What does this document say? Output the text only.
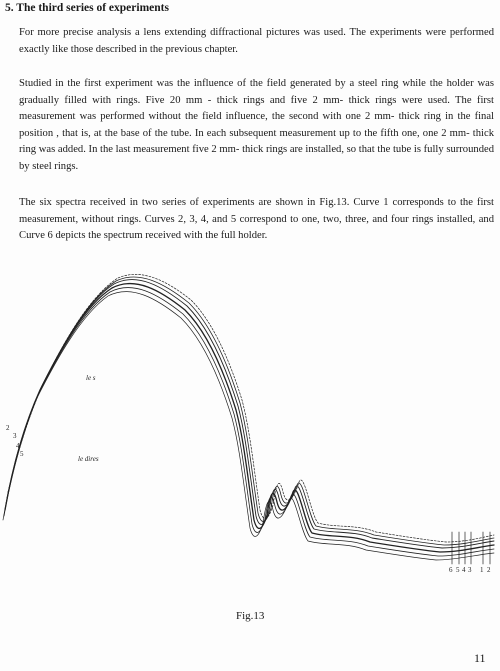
5. The third series of experiments

For more precise analysis a lens extending diffractional pictures was used. The experiments were performed exactly like those described in the previous chapter.

Studied in the first experiment was the influence of the field generated by a steel ring while the holder was gradually filled with rings. Five 20 mm - thick rings and five 2 mm- thick rings were used. The first measurement was performed without the field influence, the second with one 2 mm- thick ring in the final position , that is, at the base of the tube. In each subsequent measurement up to the fifth one, one 2 mm- thick ring was added. In the last measurement five 2 mm- thick rings are installed, so that the tube is fully surrounded by steel rings.

The six spectra received in two series of experiments are shown in Fig.13. Curve 1 corresponds to the first measurement, without rings. Curves 2, 3, 4, and 5 correspond to one, two, three, and four rings installed, and Curve 6 depicts the spectrum received with the full holder.

2
3
4
5
le dires
le s
6 5 4 3 1 2
Fig.13
11
